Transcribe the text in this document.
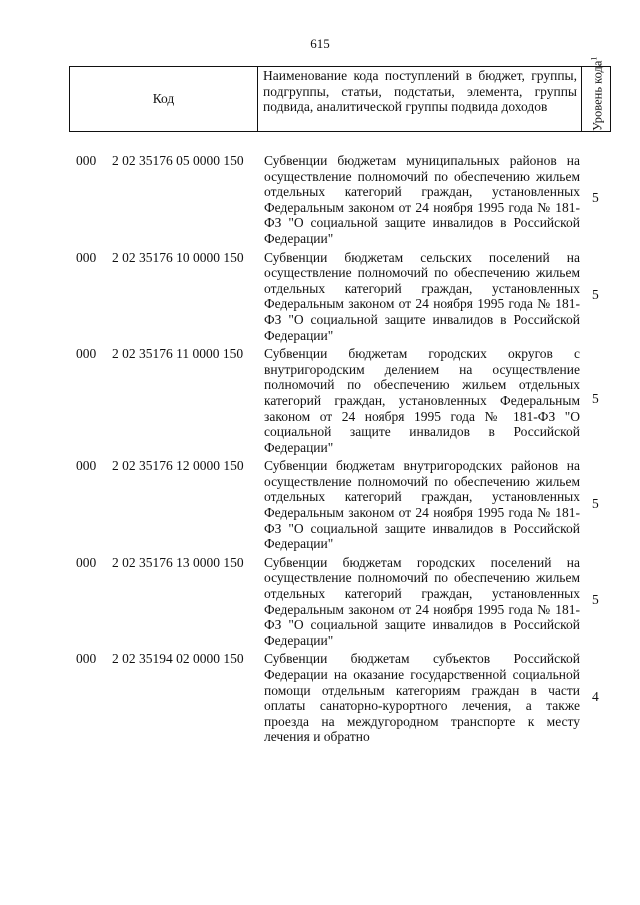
615
Код
Наименование кода поступлений в бюджет, группы, подгруппы, статьи, подстатьи, элемента, группы подвида, аналитической группы подвида доходов	Уровень кода$^1$
000 2 02 35176 05 0000 150 Субвенции бюджетам муниципальных районов на осуществление полномочий по обеспечению жильем отдельных категорий граждан, установленных Федеральным законом от 24 ноября 1995 года № 181-ФЗ "О социальной защите инвалидов в Российской Федерации"
5
000 2 02 35176 10 0000 150 Субвенции бюджетам сельских поселений на осуществление полномочий по обеспечению жильем отдельных категорий граждан, установленных Федеральным законом от 24 ноября 1995 года № 181-ФЗ "О социальной защите инвалидов в Российской Федерации"
5
000 2 02 35176 11 0000 150 Субвенции бюджетам городских округов с внутригородским делением на осуществление полномочий по обеспечению жильем отдельных категорий граждан, установленных Федеральным законом от 24 ноября 1995 года № 181-ФЗ "О социальной защите инвалидов в Российской Федерации"
5
000 2 02 35176 12 0000 150 Субвенции бюджетам внутригородских районов на осуществление полномочий по обеспечению жильем отдельных категорий граждан, установленных Федеральным законом от 24 ноября 1995 года № 181-ФЗ "О социальной защите инвалидов в Российской Федерации"
5
000 2 02 35176 13 0000 150 Субвенции бюджетам городских поселений на осуществление полномочий по обеспечению жильем отдельных категорий граждан, установленных Федеральным законом от 24 ноября 1995 года № 181-ФЗ "О социальной защите инвалидов в Российской Федерации"
5
000 2 02 35194 02 0000 150 Субвенции бюджетам субъектов Российской Федерации на оказание государственной социальной помощи отдельным категориям граждан в части оплаты санаторно-курортного лечения, а также проезда на междугородном транспорте к месту лечения и обратно
4
